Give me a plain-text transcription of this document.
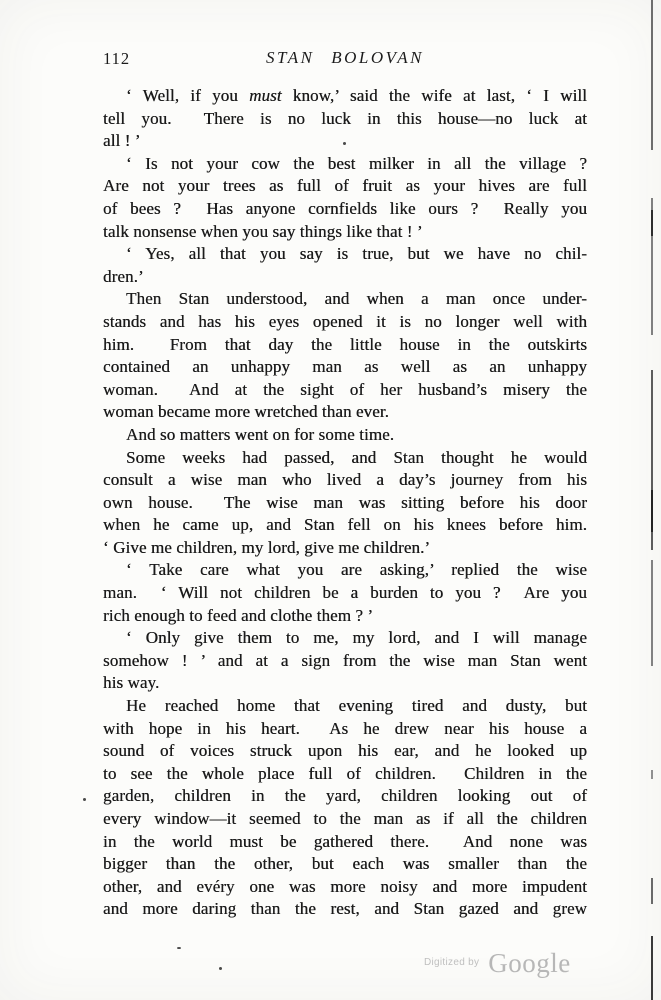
112	STAN BOLOVAN
‘ Well, if you must know,’ said the wife at last, ‘ I will
tell you.  There is no luck in this house—no luck at
all ! ’
‘ Is not your cow the best milker in all the village ?
Are not your trees as full of fruit as your hives are full
of bees ?  Has anyone cornfields like ours ?  Really you
talk nonsense when you say things like that ! ’
‘ Yes, all that you say is true, but we have no chil-
dren.’
Then Stan understood, and when a man once under-
stands and has his eyes opened it is no longer well with
him.  From that day the little house in the outskirts
contained an unhappy man as well as an unhappy
woman.  And at the sight of her husband’s misery the
woman became more wretched than ever.
And so matters went on for some time.
Some weeks had passed, and Stan thought he would
consult a wise man who lived a day’s journey from his
own house.  The wise man was sitting before his door
when he came up, and Stan fell on his knees before him.
‘ Give me children, my lord, give me children.’
‘ Take care what you are asking,’ replied the wise
man.  ‘ Will not children be a burden to you ?  Are you
rich enough to feed and clothe them ? ’
‘ Only give them to me, my lord, and I will manage
somehow ! ’ and at a sign from the wise man Stan went
his way.
He reached home that evening tired and dusty, but
with hope in his heart.  As he drew near his house a
sound of voices struck upon his ear, and he looked up
to see the whole place full of children.  Children in the
garden, children in the yard, children looking out of
every window—it seemed to the man as if all the children
in the world must be gathered there.  And none was
bigger than the other, but each was smaller than the
other, and evéry one was more noisy and more impudent
and more daring than the rest, and Stan gazed and grew
$^{Digitized by}$ Google
